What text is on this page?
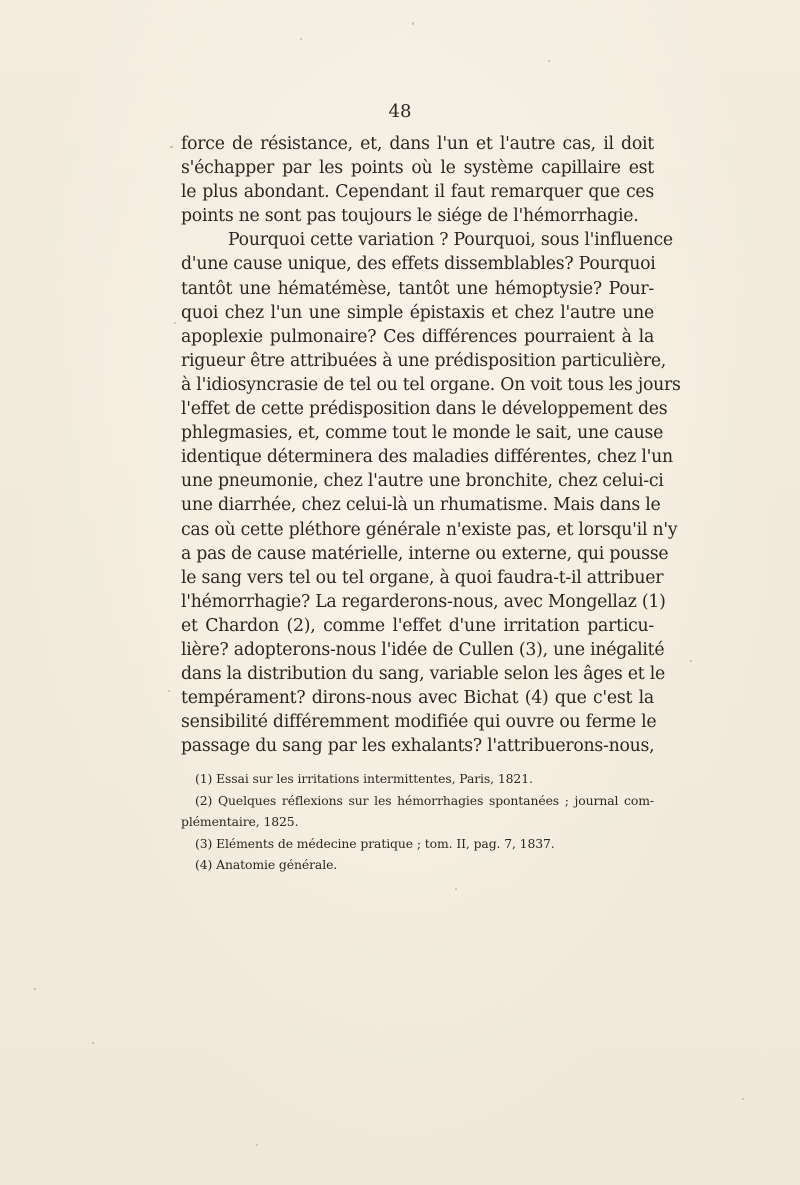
48
force de résistance, et, dans l'un et l'autre cas, il doit
s'échapper par les points où le système capillaire est
le plus abondant. Cependant il faut remarquer que ces
points ne sont pas toujours le siége de l'hémorrhagie.
Pourquoi cette variation ? Pourquoi, sous l'influence
d'une cause unique, des effets dissemblables? Pourquoi
tantôt une hématémèse, tantôt une hémoptysie? Pour-
quoi chez l'un une simple épistaxis et chez l'autre une
apoplexie pulmonaire? Ces différences pourraient à la
rigueur être attribuées à une prédisposition particulière,
à l'idiosyncrasie de tel ou tel organe. On voit tous les jours
l'effet de cette prédisposition dans le développement des
phlegmasies, et, comme tout le monde le sait, une cause
identique déterminera des maladies différentes, chez l'un
une pneumonie, chez l'autre une bronchite, chez celui-ci
une diarrhée, chez celui-là un rhumatisme. Mais dans le
cas où cette pléthore générale n'existe pas, et lorsqu'il n'y
a pas de cause matérielle, interne ou externe, qui pousse
le sang vers tel ou tel organe, à quoi faudra-t-il attribuer
l'hémorrhagie? La regarderons-nous, avec Mongellaz (1)
et Chardon (2), comme l'effet d'une irritation particu-
lière? adopterons-nous l'idée de Cullen (3), une inégalité
dans la distribution du sang, variable selon les âges et le
tempérament? dirons-nous avec Bichat (4) que c'est la
sensibilité différemment modifiée qui ouvre ou ferme le
passage du sang par les exhalants? l'attribuerons-nous,
(1) Essai sur les irritations intermittentes, Paris, 1821.
(2) Quelques réflexions sur les hémorrhagies spontanées ; journal com-
plémentaire, 1825.
(3) Eléments de médecine pratique ; tom. II, pag. 7, 1837.
(4) Anatomie générale.
